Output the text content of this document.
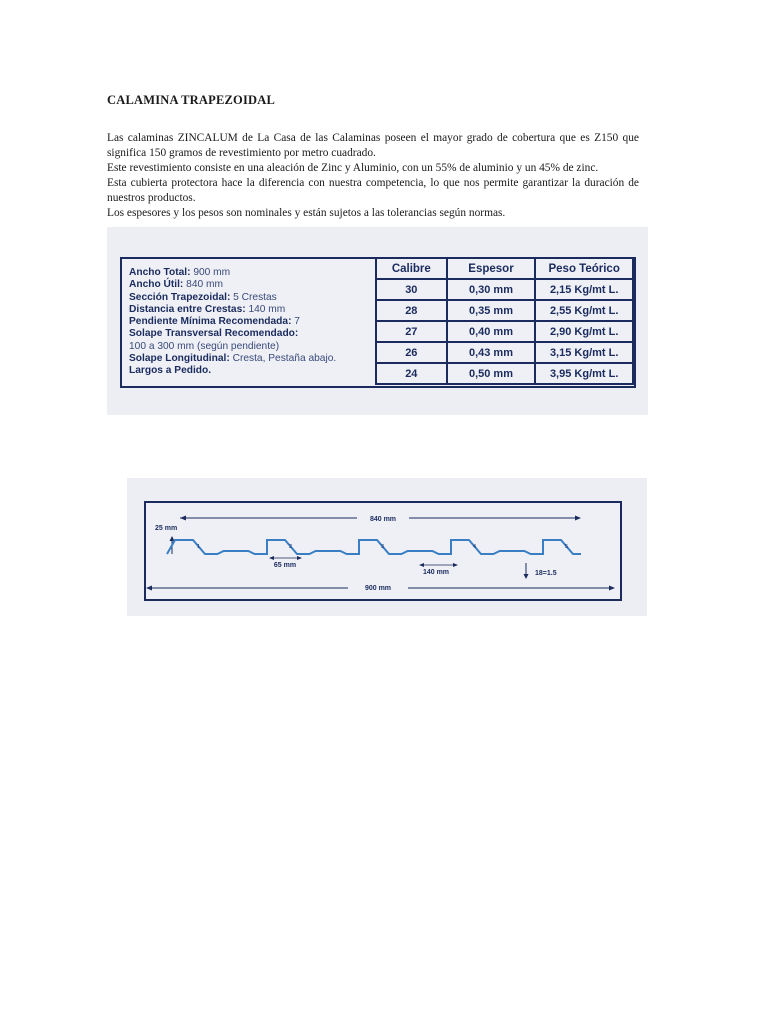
CALAMINA TRAPEZOIDAL

Las calaminas ZINCALUM de La Casa de las Calaminas poseen el mayor grado de cobertura que es Z150 que significa 150 gramos de revestimiento por metro cuadrado.

Este revestimiento consiste en una aleación de Zinc y Aluminio, con un 55% de aluminio y un 45% de zinc.

Esta cubierta protectora hace la diferencia con nuestra competencia, lo que nos permite garantizar la duración de nuestros productos.

Los espesores y los pesos son nominales y están sujetos a las tolerancias según normas.

Ancho Total: 900 mm
Ancho Útil: 840 mm
Sección Trapezoidal: 5 Crestas
Distancia entre Crestas: 140 mm
Pendiente Mínima Recomendada: 7
Solape Transversal Recomendado:
100 a 300 mm (según pendiente)
Solape Longitudinal: Cresta, Pestaña abajo.
Largos a Pedido.
Calibre	Espesor	Peso Teórico
30	0,30 mm	2,15 Kg/mt L.
28	0,35 mm	2,55 Kg/mt L.
27	0,40 mm	2,90 Kg/mt L.
26	0,43 mm	3,15 Kg/mt L.
24	0,50 mm	3,95 Kg/mt L.
840 mm
25 mm
1	2	3	4	5
65 mm
140 mm	18=1.5
900 mm
